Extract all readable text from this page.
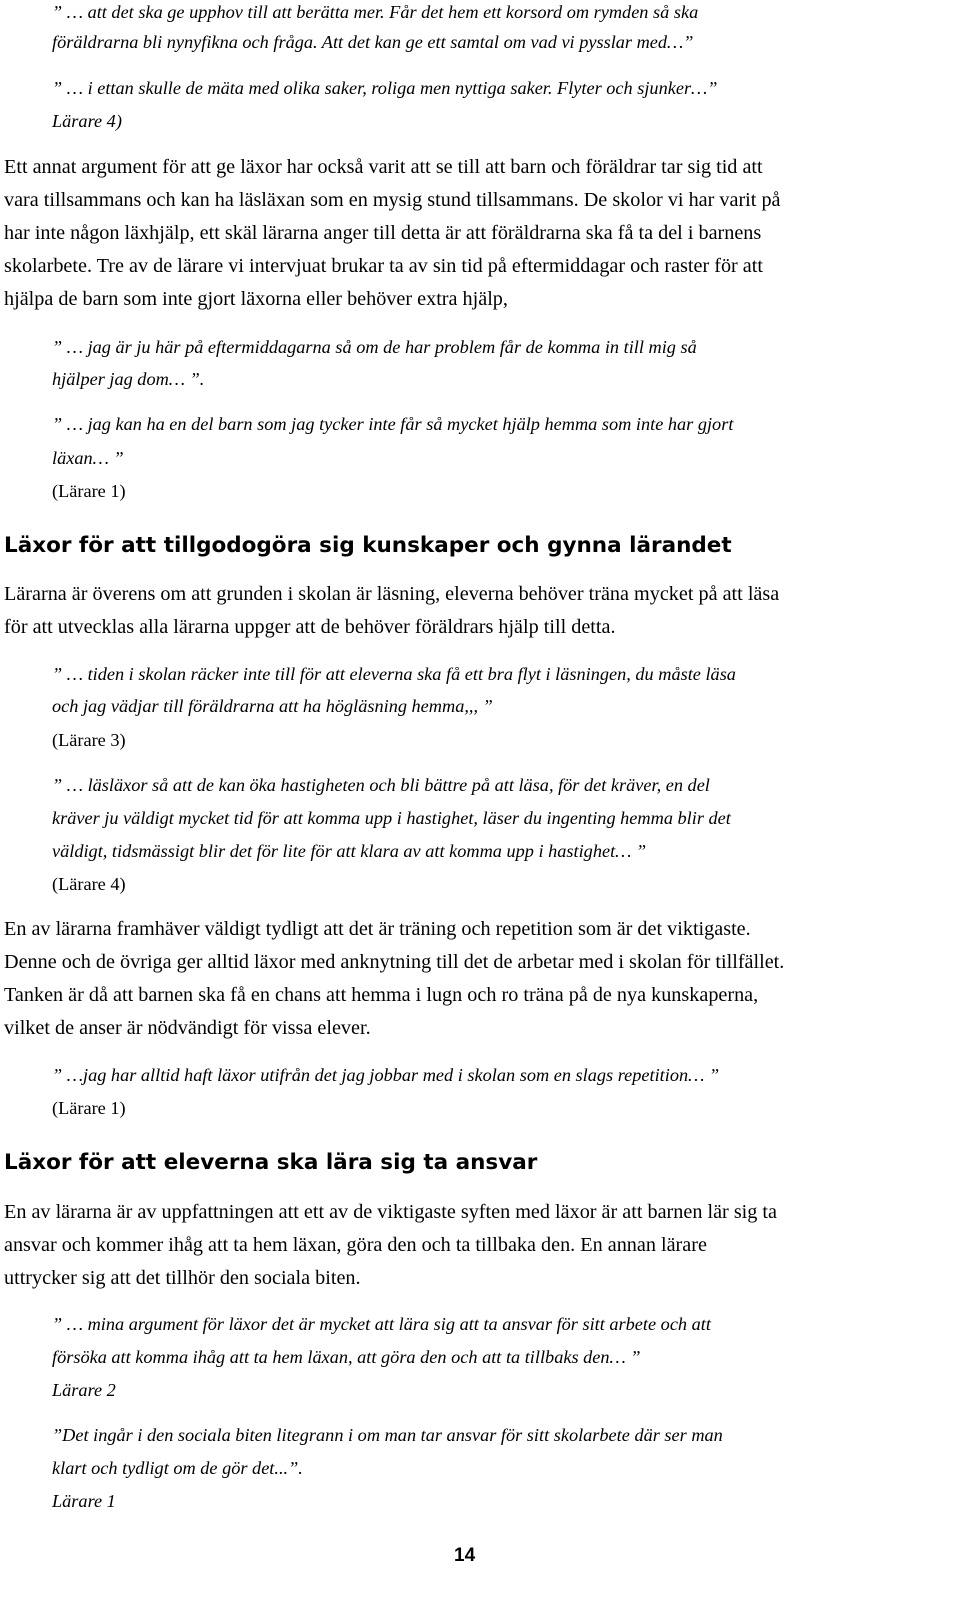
” … att det ska ge upphov till att berätta mer. Får det hem ett korsord om rymden så ska

föräldrarna bli nynyfikna och fråga. Att det kan ge ett samtal om vad vi pysslar med…”

” … i ettan skulle de mäta med olika saker, roliga men nyttiga saker. Flyter och sjunker…”

Lärare 4)

Ett annat argument för att ge läxor har också varit att se till att barn och föräldrar tar sig tid att

vara tillsammans och kan ha läsläxan som en mysig stund tillsammans. De skolor vi har varit på

har inte någon läxhjälp, ett skäl lärarna anger till detta är att föräldrarna ska få ta del i barnens

skolarbete. Tre av de lärare vi intervjuat brukar ta av sin tid på eftermiddagar och raster för att

hjälpa de barn som inte gjort läxorna eller behöver extra hjälp,

” … jag är ju här på eftermiddagarna så om de har problem får de komma in till mig så

hjälper jag dom… ”.

” … jag kan ha en del barn som jag tycker inte får så mycket hjälp hemma som inte har gjort

läxan… ”

(Lärare 1)

Läxor för att tillgodogöra sig kunskaper och gynna lärandet

Lärarna är överens om att grunden i skolan är läsning, eleverna behöver träna mycket på att läsa

för att utvecklas alla lärarna uppger att de behöver föräldrars hjälp till detta.

” … tiden i skolan räcker inte till för att eleverna ska få ett bra flyt i läsningen, du måste läsa

och jag vädjar till föräldrarna att ha högläsning hemma,,, ”

(Lärare 3)

” … läsläxor så att de kan öka hastigheten och bli bättre på att läsa, för det kräver, en del

kräver ju väldigt mycket tid för att komma upp i hastighet, läser du ingenting hemma blir det

väldigt, tidsmässigt blir det för lite för att klara av att komma upp i hastighet… ”

(Lärare 4)

En av lärarna framhäver väldigt tydligt att det är träning och repetition som är det viktigaste.

Denne och de övriga ger alltid läxor med anknytning till det de arbetar med i skolan för tillfället.

Tanken är då att barnen ska få en chans att hemma i lugn och ro träna på de nya kunskaperna,

vilket de anser är nödvändigt för vissa elever.

” …jag har alltid haft läxor utifrån det jag jobbar med i skolan som en slags repetition… ”

(Lärare 1)

Läxor för att eleverna ska lära sig ta ansvar

En av lärarna är av uppfattningen att ett av de viktigaste syften med läxor är att barnen lär sig ta

ansvar och kommer ihåg att ta hem läxan, göra den och ta tillbaka den. En annan lärare

uttrycker sig att det tillhör den sociala biten.

” … mina argument för läxor det är mycket att lära sig att ta ansvar för sitt arbete och att

försöka att komma ihåg att ta hem läxan, att göra den och att ta tillbaks den… ”

Lärare 2

”Det ingår i den sociala biten litegrann i om man tar ansvar för sitt skolarbete där ser man

klart och tydligt om de gör det...”.

Lärare 1

14
